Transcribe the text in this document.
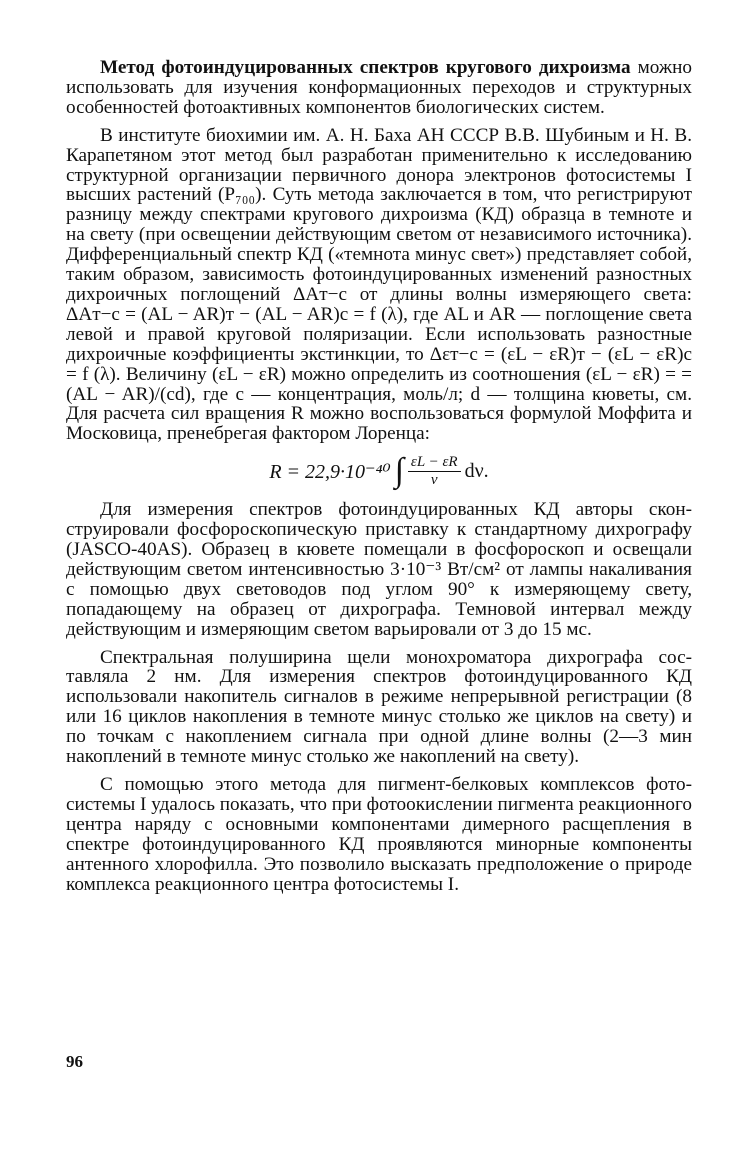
Метод фотоиндуцированных спектров кругового дихроизма можно использовать для изучения конформационных переходов и структурных особенностей фотоактивных компонентов биологических систем.

В институте биохимии им. А. Н. Баха АН СССР В.В. Шубиным и Н. В. Карапетяном этот метод был разработан применительно к исследованию структурной организации первичного донора электронов фотосистемы I высших растений (P₇₀₀). Суть метода заключается в том, что регистрируют разницу между спектрами кругового дихроизма (КД) образца в темноте и на свету (при освещении действующим светом от независимого источника). Дифференциальный спектр КД («темнота минус свет») представляет собой, таким образом, зависимость фотоиндуцированных изменений разностных дихроичных поглощений ΔAт−с от длины волны измеряющего света: ΔAт−с = (AL − AR)т − (AL − AR)с = f (λ), где AL и AR — поглощение света левой и правой круговой поляризации. Если использовать разностные дихроичные коэффициенты экстинкции, то Δεт−с = (εL − εR)т − (εL − εR)с = f (λ). Величину (εL − εR) можно определить из соотношения (εL − εR) = = (AL − AR)/(cd), где c — концентрация, моль/л; d — толщина кюветы, см. Для расчета сил вращения R можно воспользоваться формулой Моффита и Московица, пренебрегая фактором Лоренца:

R = 22,9·10⁻⁴⁰ ∫ $\frac{\varepsilon L - \varepsilon R}{\nu} d\nu$.

Для измерения спектров фотоиндуцированных КД авторы сконструировали фосфороскопическую приставку к стандартному дихрографу (JASCO-40AS). Образец в кювете помещали в фосфороскоп и освещали действующим светом интенсивностью 3·10⁻³ Вт/см² от лампы накаливания с помощью двух световодов под углом 90° к измеряющему свету, попадающему на образец от дихрографа. Темновой интервал между действующим и измеряющим светом варьировали от 3 до 15 мс.

Спектральная полуширина щели монохроматора дихрографа составляла 2 нм. Для измерения спектров фотоиндуцированного КД использовали накопитель сигналов в режиме непрерывной регистрации (8 или 16 циклов накопления в темноте минус столько же циклов на свету) и по точкам с накоплением сигнала при одной длине волны (2—3 мин накоплений в темноте минус столько же накоплений на свету).

С помощью этого метода для пигмент-белковых комплексов фотосистемы I удалось показать, что при фотоокислении пигмента реакционного центра наряду с основными компонентами димерного расщепления в спектре фотоиндуцированного КД проявляются минорные компоненты антенного хлорофилла. Это позволило высказать предположение о природе комплекса реакционного центра фотосистемы I.

96
